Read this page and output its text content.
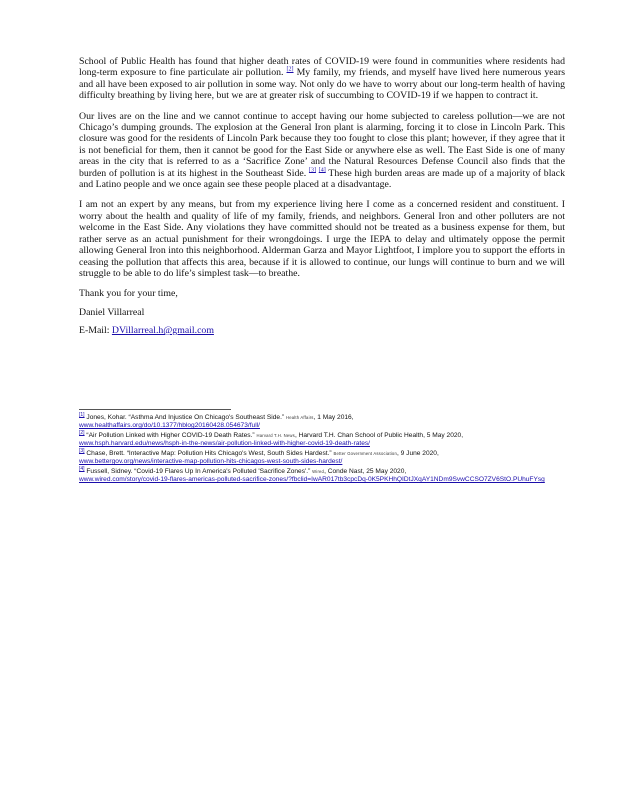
School of Public Health has found that higher death rates of COVID-19 were found in communities where residents had long-term exposure to fine particulate air pollution. [2] My family, my friends, and myself have lived here numerous years and all have been exposed to air pollution in some way. Not only do we have to worry about our long-term health of having difficulty breathing by living here, but we are at greater risk of succumbing to COVID-19 if we happen to contract it.

Our lives are on the line and we cannot continue to accept having our home subjected to careless pollution—we are not Chicago’s dumping grounds. The explosion at the General Iron plant is alarming, forcing it to close in Lincoln Park. This closure was good for the residents of Lincoln Park because they too fought to close this plant; however, if they agree that it is not beneficial for them, then it cannot be good for the East Side or anywhere else as well. The East Side is one of many areas in the city that is referred to as a ‘Sacrifice Zone’ and the Natural Resources Defense Council also finds that the burden of pollution is at its highest in the Southeast Side. [3] [4] These high burden areas are made up of a majority of black and Latino people and we once again see these people placed at a disadvantage.

I am not an expert by any means, but from my experience living here I come as a concerned resident and constituent. I worry about the health and quality of life of my family, friends, and neighbors. General Iron and other polluters are not welcome in the East Side. Any violations they have committed should not be treated as a business expense for them, but rather serve as an actual punishment for their wrongdoings. I urge the IEPA to delay and ultimately oppose the permit allowing General Iron into this neighborhood. Alderman Garza and Mayor Lightfoot, I implore you to support the efforts in ceasing the pollution that affects this area, because if it is allowed to continue, our lungs will continue to burn and we will struggle to be able to do life’s simplest task—to breathe.

Thank you for your time,

Daniel Villarreal

E-Mail: DVillarreal.h@gmail.com

[1] Jones, Kohar. “Asthma And Injustice On Chicago's Southeast Side.” Health Affairs, 1 May 2016,
www.healthaffairs.org/do/10.1377/hblog20160428.054673/full/

[2] “Air Pollution Linked with Higher COVID-19 Death Rates.” Harvard T.H. News, Harvard T.H. Chan School of Public Health, 5 May 2020, www.hsph.harvard.edu/news/hsph-in-the-news/air-pollution-linked-with-higher-covid-19-death-rates/

[3] Chase, Brett. “Interactive Map: Pollution Hits Chicago's West, South Sides Hardest.” Better Government Association, 9 June 2020,
www.bettergov.org/news/interactive-map-pollution-hits-chicagos-west-south-sides-hardest/

[4] Fussell, Sidney. “Covid-19 Flares Up In America's Polluted 'Sacrifice Zones'.” Wired, Conde Nast, 25 May 2020,
www.wired.com/story/covid-19-flares-americas-polluted-sacrifice-zones/?fbclid=IwAR017tb3cpcDq-0K5PKHhQIDtJXqAY1NDm9SvwCCSO7ZV6StO.PUhuFYsg
